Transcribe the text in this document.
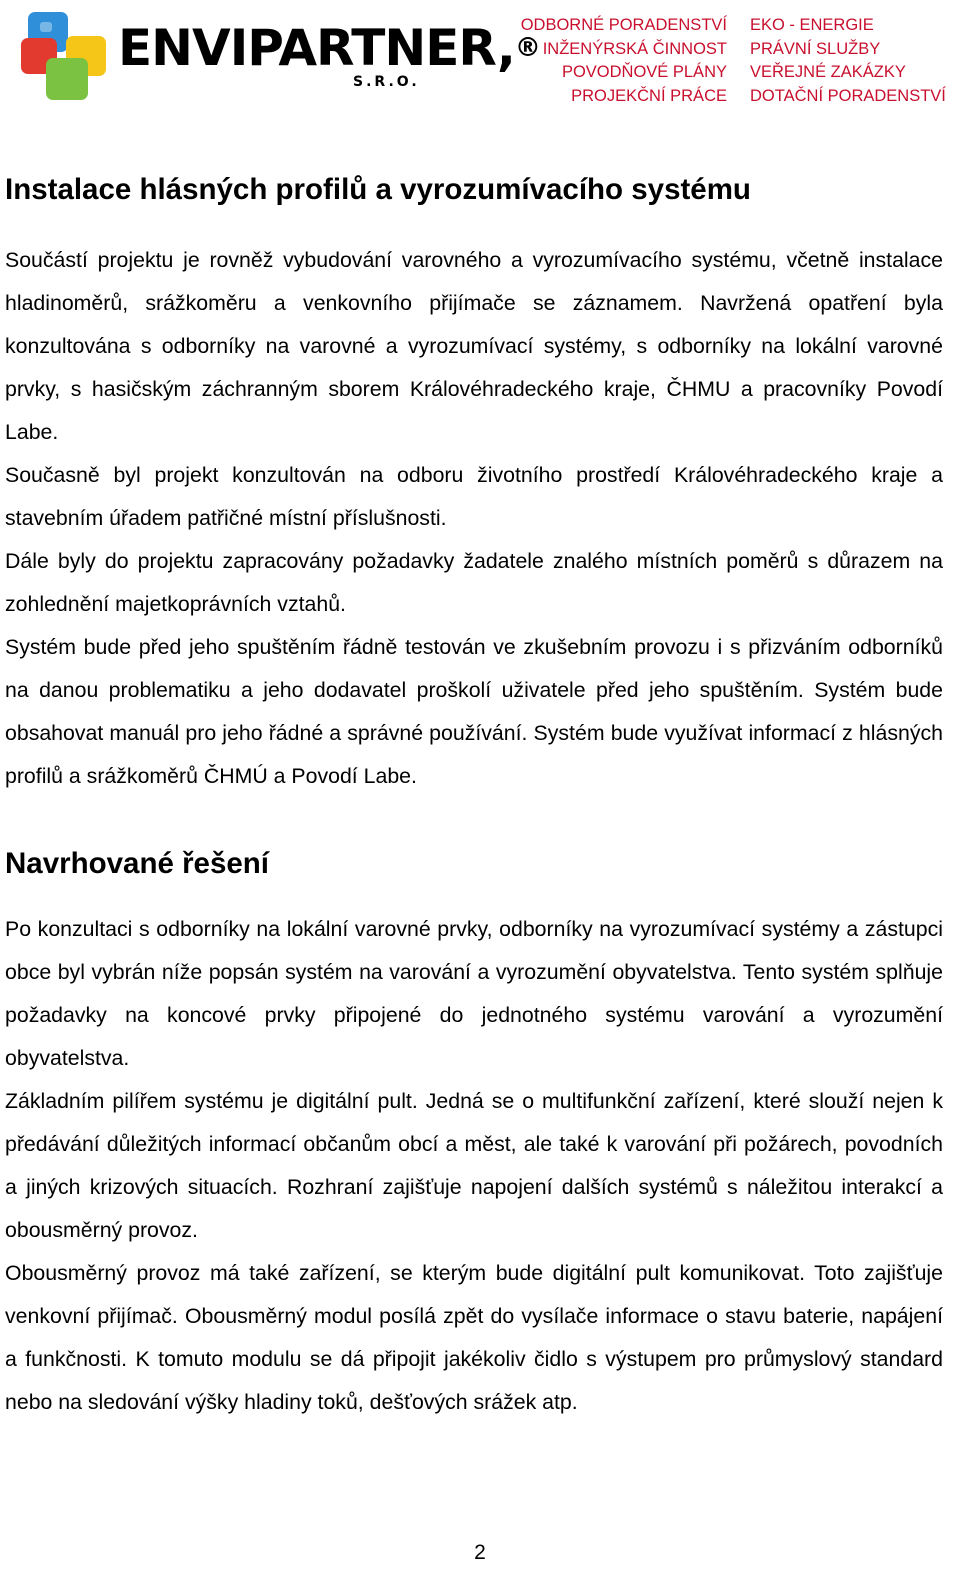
ENVIPARTNER,®
S.R.O.
ODBORNÉ PORADENSTVÍ
INŽENÝRSKÁ ČINNOST
POVODŇOVÉ PLÁNY
PROJEKČNÍ PRÁCE
EKO - ENERGIE
PRÁVNÍ SLUŽBY
VEŘEJNÉ ZAKÁZKY
DOTAČNÍ PORADENSTVÍ
Instalace hlásných profilů a vyrozumívacího systému

Součástí projektu je rovněž vybudování varovného a vyrozumívacího systému, včetně instalace hladinoměrů, srážkoměru a venkovního přijímače se záznamem. Navržená opatření byla konzultována s odborníky na varovné a vyrozumívací systémy, s odborníky na lokální varovné prvky, s hasičským záchranným sborem Královéhradeckého kraje, ČHMU a pracovníky Povodí Labe.

Současně byl projekt konzultován na odboru životního prostředí Královéhradeckého kraje a stavebním úřadem patřičné místní příslušnosti.

Dále byly do projektu zapracovány požadavky žadatele znalého místních poměrů s důrazem na zohlednění majetkoprávních vztahů.

Systém bude před jeho spuštěním řádně testován ve zkušebním provozu i s přizváním odborníků na danou problematiku a jeho dodavatel proškolí uživatele před jeho spuštěním. Systém bude obsahovat manuál pro jeho řádné a správné používání. Systém bude využívat informací z hlásných profilů a srážkoměrů ČHMÚ a Povodí Labe.

Navrhované řešení

Po konzultaci s odborníky na lokální varovné prvky, odborníky na vyrozumívací systémy a zástupci obce byl vybrán níže popsán systém na varování a vyrozumění obyvatelstva. Tento systém splňuje požadavky na koncové prvky připojené do jednotného systému varování a vyrozumění obyvatelstva.

Základním pilířem systému je digitální pult. Jedná se o multifunkční zařízení, které slouží nejen k předávání důležitých informací občanům obcí a měst, ale také k varování při požárech, povodních a jiných krizových situacích. Rozhraní zajišťuje napojení dalších systémů s náležitou interakcí a obousměrný provoz.

Obousměrný provoz má také zařízení, se kterým bude digitální pult komunikovat. Toto zajišťuje venkovní přijímač. Obousměrný modul posílá zpět do vysílače informace o stavu baterie, napájení a funkčnosti. K tomuto modulu se dá připojit jakékoliv čidlo s výstupem pro průmyslový standard nebo na sledování výšky hladiny toků, dešťových srážek atp.

2
